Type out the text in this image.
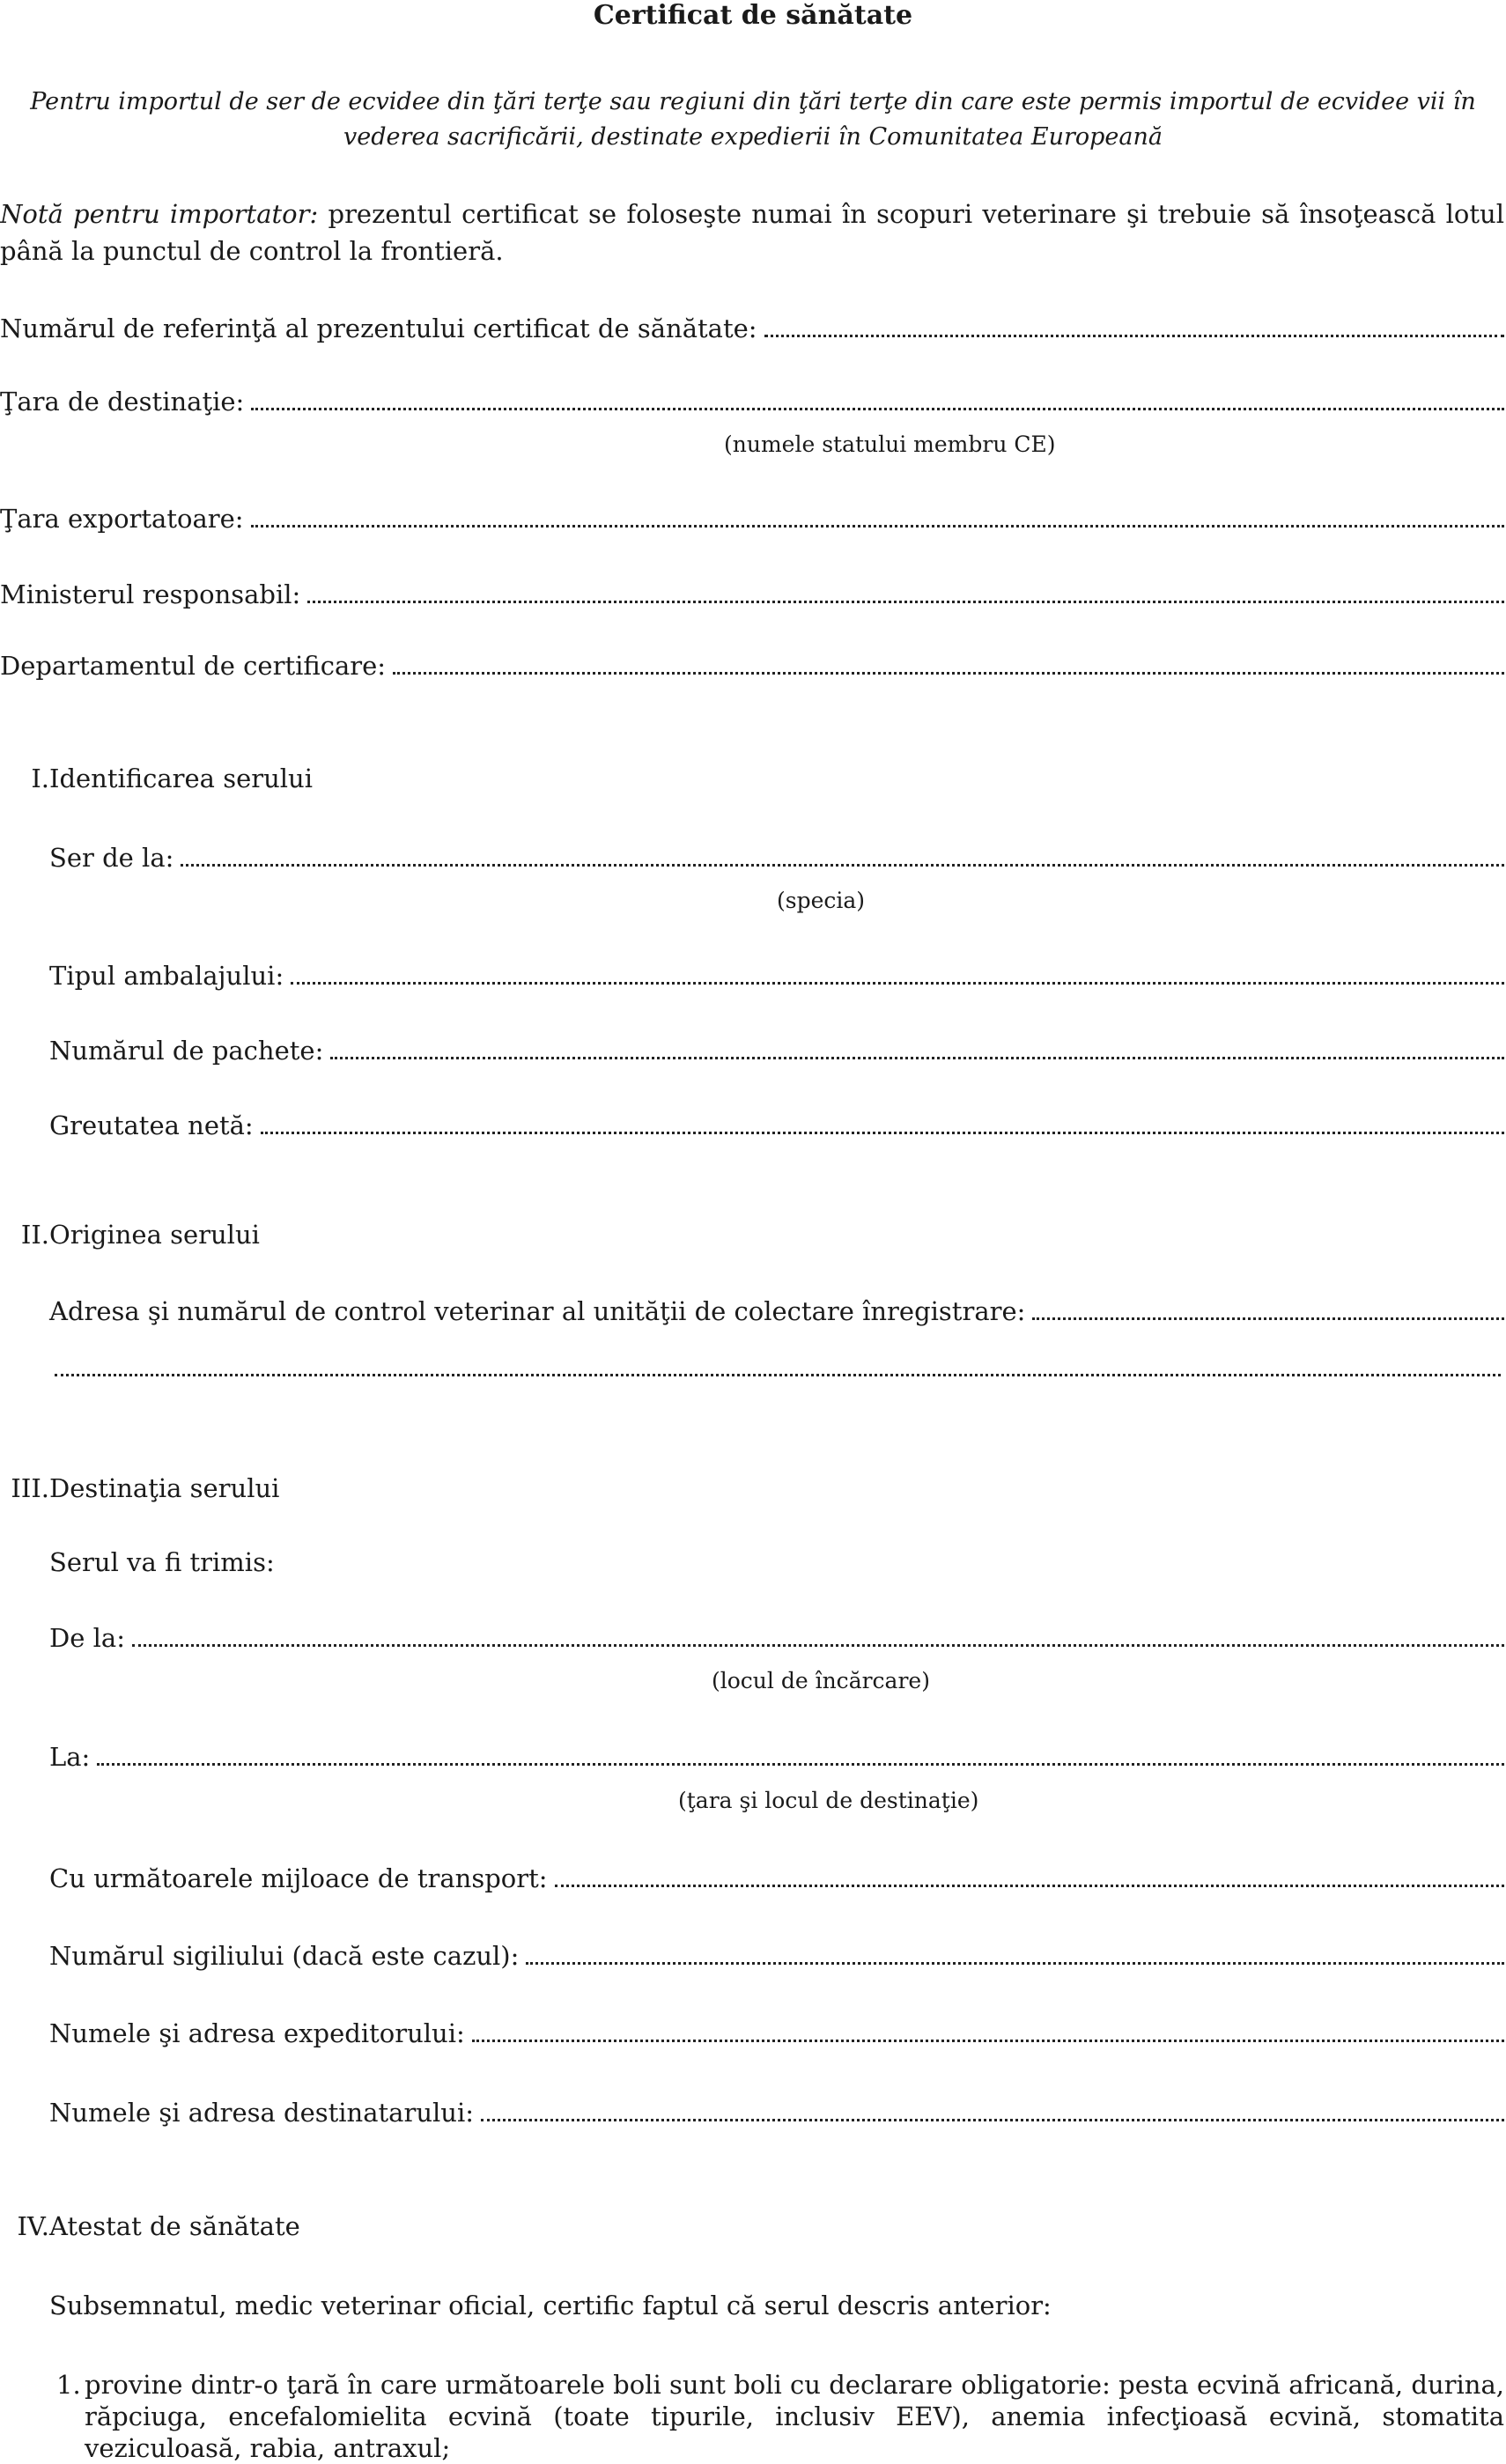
Certificat de sănătate
Pentru importul de ser de ecvidee din ţări terţe sau regiuni din ţări terţe din care este permis importul de ecvidee vii în vederea sacrificării, destinate expedierii în Comunitatea Europeană
Notă pentru importator: prezentul certificat se foloseşte numai în scopuri veterinare şi trebuie să însoţească lotul până la punctul de control la frontieră.
Numărul de referinţă al prezentului certificat de sănătate:
Ţara de destinaţie:
(numele statului membru CE)
Ţara exportatoare:
Ministerul responsabil:
Departamentul de certificare:
I. Identificarea serului
Ser de la:
(specia)
Tipul ambalajului:
Numărul de pachete:
Greutatea netă:
II. Originea serului
Adresa şi numărul de control veterinar al unităţii de colectare înregistrare:
III. Destinaţia serului
Serul va fi trimis:
De la:
(locul de încărcare)
La:
(ţara şi locul de destinaţie)
Cu următoarele mijloace de transport:
Numărul sigiliului (dacă este cazul):
Numele şi adresa expeditorului:
Numele şi adresa destinatarului:
IV. Atestat de sănătate
Subsemnatul, medic veterinar oficial, certific faptul că serul descris anterior:
1. provine dintr-o ţară în care următoarele boli sunt boli cu declarare obligatorie: pesta ecvină africană, durina, răpciuga, encefalomielita ecvină (toate tipurile, inclusiv EEV), anemia infecţioasă ecvină, stomatita veziculoasă, rabia, antraxul;
